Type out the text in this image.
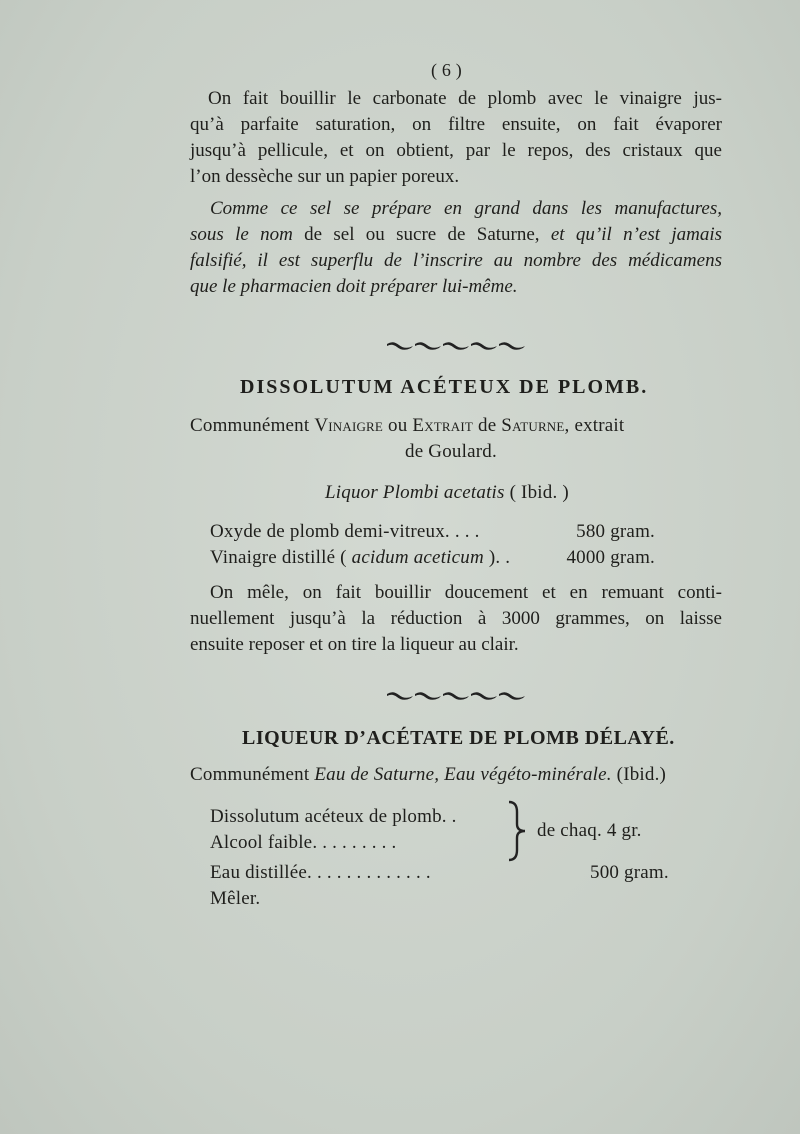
( 6 )
On fait bouillir le carbonate de plomb avec le vinaigre jus-
qu’à parfaite saturation, on filtre ensuite, on fait évaporer
jusqu’à pellicule, et on obtient, par le repos, des cristaux que
l’on dessèche sur un papier poreux.
Comme ce sel se prépare en grand dans les manufactures,
sous le nom de sel ou sucre de Saturne, et qu’il n’est jamais
falsifié, il est superflu de l’inscrire au nombre des médicamens
que le pharmacien doit préparer lui-même.
DISSOLUTUM ACÉTEUX DE PLOMB.
Communément Vinaigre ou Extrait de Saturne, extrait
de Goulard.
Liquor Plombi acetatis ( Ibid. )
Oxyde de plomb demi-vitreux. . . .	580 gram.
Vinaigre distillé ( acidum aceticum ). .	4000 gram.
On mêle, on fait bouillir doucement et en remuant conti-
nuellement jusqu’à la réduction à 3000 grammes, on laisse
ensuite reposer et on tire la liqueur au clair.
LIQUEUR D’ACÉTATE DE PLOMB DÉLAYÉ.
Communément Eau de Saturne, Eau végéto-minérale. (Ibid.)
Dissolutum acéteux de plomb. .
Alcool faible. . . . . . . . .
de chaq. 4 gr.
Eau distillée. . . . . . . . . . . . .	500 gram.
Mêler.
